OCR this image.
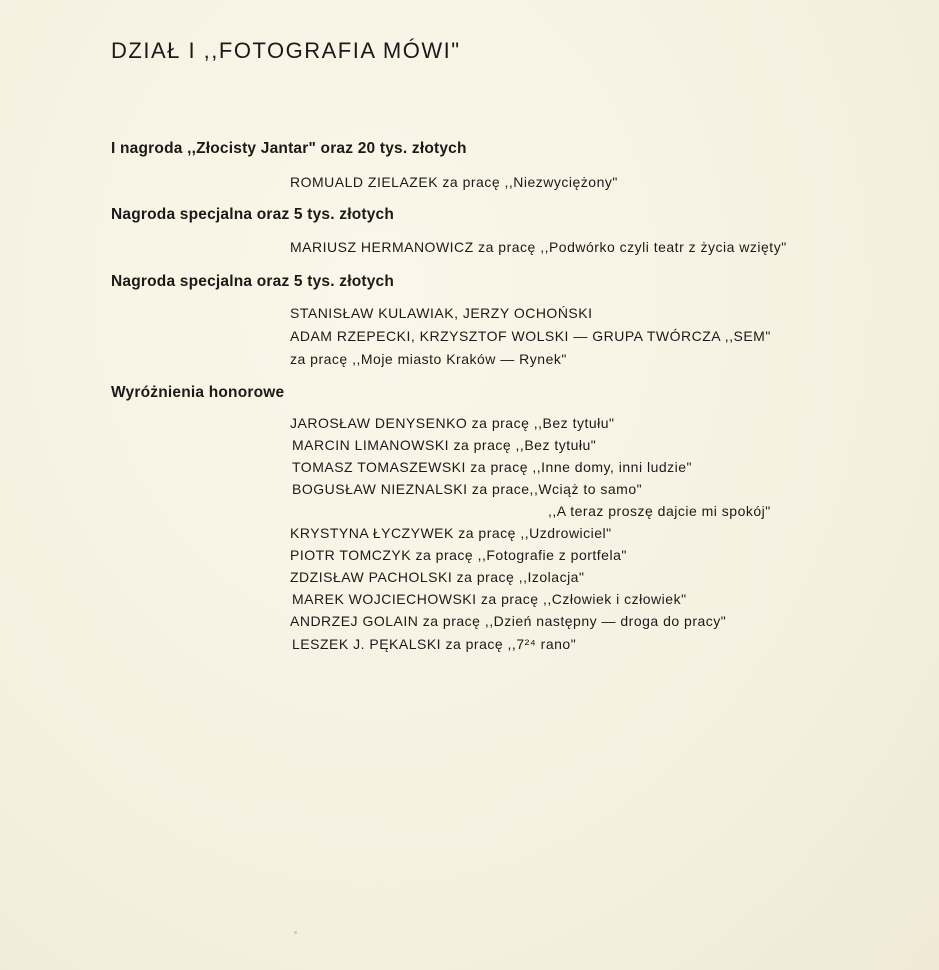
DZIAŁ I ,,FOTOGRAFIA MÓWI"
I nagroda ,,Złocisty Jantar" oraz 20 tys. złotych
ROMUALD ZIELAZEK za pracę ,,Niezwyciężony"
Nagroda specjalna oraz 5 tys. złotych
MARIUSZ HERMANOWICZ za pracę ,,Podwórko czyli teatr z życia wzięty"
Nagroda specjalna oraz 5 tys. złotych
STANISŁAW KULAWIAK, JERZY OCHOŃSKI
ADAM RZEPECKI, KRZYSZTOF WOLSKI — GRUPA TWÓRCZA ,,SEM"
za pracę ,,Moje miasto Kraków — Rynek"
Wyróżnienia honorowe
JAROSŁAW DENYSENKO za pracę ,,Bez tytułu"
MARCIN LIMANOWSKI za pracę ,,Bez tytułu"
TOMASZ TOMASZEWSKI za pracę ,,Inne domy, inni ludzie"
BOGUSŁAW NIEZNALSKI za prace,,Wciąż to samo"
,,A teraz proszę dajcie mi spokój"
KRYSTYNA ŁYCZYWEK za pracę ,,Uzdrowiciel"
PIOTR TOMCZYK za pracę ,,Fotografie z portfela"
ZDZISŁAW PACHOLSKI za pracę ,,Izolacja"
MAREK WOJCIECHOWSKI za pracę ,,Człowiek i człowiek"
ANDRZEJ GOLAIN za pracę ,,Dzień następny — droga do pracy"
LESZEK J. PĘKALSKI za pracę ,,7²⁴ rano"
